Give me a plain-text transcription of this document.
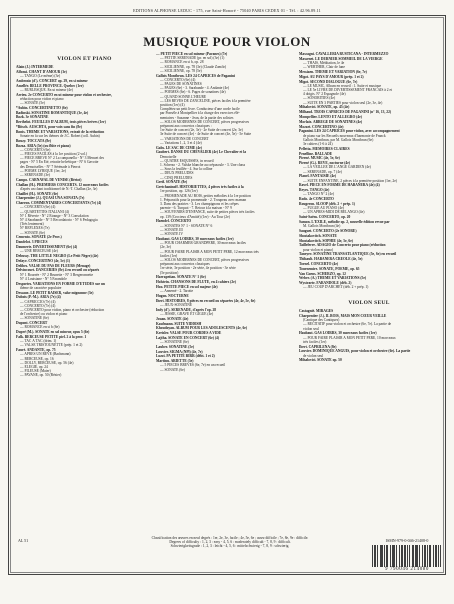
EDITIONS ALPHONSE LEDUC - 175, rue Saint-Honoré - 75040 PARIS CEDEX 01 - Tél. : 42.96.89.11
MUSIQUE POUR VIOLON
VIOLON ET PIANO
Alain (J.) INTERMEDE
Alfonsi. CHANT D'AMOUR (3e)
— TANGO (Le même) (3e)
Ambrosio (d'). CONCERT op. 29, en si mineur
Amellér. BELLE PROVINCE. Quebec (1er)
— BURLESQUE. En ut mineur (4e)
Arrieu. 2e CONCERTO en ut mineur pour violon et orchestre,
réduction pour violon et piano
— SONATE (5e)
*Aubin. CONCERTINETTO (6e)
Badinski. SONATINE ROMANTIQUE (3e, 4e)
Bozk. 3e SONATINE
Berthelot. FEUILLES D'ALBUM, trois pièces brèves (1er)
*Bitsch. AUSCHTA, pour voix sans fin (8e)
Bonis. THEME ET VARIATIONS, extrait de la réduction
Sonate en fa sur les thèmes de J.C. Robert (coll. Aubin)
Bouzy. TOCCATA (8e)
Bozza. ARIA (5e) (ou flûte et piano)
— CONCERTO (6e)
— PIECES FACILES à la 1re position (2 vol.)
— PIECE BREVE N° 2 La campanella - N° 3 Menuet des
pages - N° 5 En Eté, retraite helvétique - N° 6 Gavotte
des Demoiselles - N° 7 Sérénade à Pierrot
— POEME LYRIQUE (1er, 2e)
— SERENADE (3e)
Campo. CARNAVAL DE VENISE (Bériot)
Challan (H.). PREMIERS CONCERTS. 12 morceaux faciles
d'après un chant traditionnel de N.-T. Challan (2e, 3e)
Chaillet (H.). SONATE (6e)
Charpentier (J.). QUASI UNA SONATA (7e)
Charron. COMMENTAIRES CONCERTANTS (7e) (4)
— CONCERTO (6e) (4)
— QUARTETTES ITALIANI (4)
N° 1 Rêverie - N° 2 Étrange - N° 3 Consolation
N° 4 Sarabande - N° 5 Recordatorio - N° 6 Pedagogia
(Très lentement)
N° REFLEXES (7e)
— SONATE (6e)
Cemento. SONATE (2e Prov.)
Dandelot. 3 PIECES
Daumerie. DIVERTISSEMENT (6e) (4)
— UNE BERCEUSE (4e)
Debussy. THE LITTLE NEGRO (Le Petit Nègre) (4e)
Defaye. CONCERTINO (4e, 5e) (1)
Delibes. VALSE DU PAS DE FLEURS (Menage)
Delvincourt. DANCERIES (8e) 4 en recueil ou séparés
N° 1 Bourrée - N° 2 Brunette - N° 3 Bergeronnette
N° 4 Louisiane - N° 5 Farandole
Desportes. VARIATIONS EN FORME D'ETUDES sur un
thème de caractère populaire
Dessaux. LE PETIT RAISER, valse mignonne (3e)
Dubois (P.-M.). ARIA (7e) (4)
— CAPRICCIO (7e) (4)
— CONCERTO (7e) (4)
— CONCERTO pour violon, piano et orchestre (réduction
de l'orchestre) ou violon et piano
— SONATINE (6e)
Dupont. CONCERT
— ROMANCE en si b (6e)
Dupré (M.). SONATE en sol mineur, opus 5 (6e)
Falk. BERCEUSE PETITE piel. 2 à la prov. 1
— TAC À TAC (drim. 1)
— VALSE TRISTOUNETTE (prép. 1 et 2)
Fauré. ANDANTE, op. 75
— APRES UN RÊVE (Bachmann)
— BERCEUSE, op. 16
— DOLLY, BERCEUSE, op. 56 (4e)
— ELEGIE, op. 24
— FILEUSE (Maier)
— PAVANE, op. 50 (Bézier)
— PETIT PIECE en sol mineur (Pavanes) (7e)
— PETITE SERENADE (pr. en sol) (3e) (1)
— ROMANCE en si b, op. 28
— SICILIENNE, op. 78 (3e) (Claude Zamfir)
— SICILIENNE, op. 78 (5e)
Gallois Montbrun. LES 24 CAPRICES de Paganini
— CONCERTO (6e) (4)
— PAGES DE SONATINES
— PAGES (6e) - 3. Sarabande - 4. Andante (4e)
— POÈMES (6e) - 6. Pages de sonatines (4e)
— QUAND SONNE L'HEURE
— LES RÉVES DE ZANCELINE, pièces faciles à la première
position (1er) (4)
Complétez un petit livre. Conducteur d'une corde facile
par Ponsèle à Montpellier à la charge des exercices élé-
mentaires - Suzanne - Jean, de la partie des solistes
— SOLOS MODERNES DE CONCERT, pièces progressives
préparant aux concertos classiques :
1re Suite de concert (2e, 3e) - 2e Suite de concert (2e, 3e)
3e Suite de concert (4e) - 4e Suite de concert (4e, 5e) - 5e Suite
— VARIATIONS DE CONCERT
— Variations 1, 2, 3 et 4 (4e)
Gabs. LE SAC DE CIME (4e)
Gaubert. DANSE DU CHEVALIER (4e) Le Chevalier et la
Demoiselle
— QUATRE ESQUISSES, in recueil
1. Scherzo - 2. Valske blanche au crépuscule - 3. Une chass
— Sous la feuillée - 4. Sur la colline
— DEUX PRELUDES
— CINQ PRÉLUDES
Greif. SONATE (8e)
Gretchaninoff. HISTORIETTES, 4 pièces très faciles à la
1re position, op. 126 (1er)
— PROMENADE AU BOIS, petites mélodies à la 1re position
1. Préparatifs pour la promenade - 2. Troupeau avec maman
3. Dans des prairies - 3. Les champignons et les crêpes
parente - 6. Turquoi - 7. Retour à la maison - N° 9
— SOUVENIRS D'ENFANCE, suite de petites pièces très faciles
op. 139 (Crocieux d'Amitié) (1er) - Au Tour (2e)
Haendel. CONCERTO
— SONATES N° 1 - SONATE N° 6
— SONATE III
— SONATE IV
Haubaut. GAS LOIRRS, 30 morceaux faciles (1er)
— POUR CHARMER GRANDPERE, 30 morceaux faciles
(2e, 3e)
— POUR FAIRE PLAISIR A MON PETIT PÈRE, 12 morceaux très
faciles (1er)
— SOLOS MODERNES DE CONCERT, pièces progressives
préparant aux concertos classiques
1re série, 3e position - 2e série, 4e position - 3e série
(5e position)
Harrapetian. SONATE N° 1 (6e)
Holstein. CHANSONS DE FLÛTE, en 4 cahiers (2e)
Hoo. PETITE PIECE en sol majeur (4e)
— Annemé - 2. Tarotte
Hugon. NOCTURNE
Iheri. HISTOIRES, 8 pièces en recueil ou séparées (4e, 4e, 5e, 6e)
— JEUX-SONATINE
Indy (d'). SERENADE, d'après l'op. 28
— JESSIE, GRAVE ET GIGUE (4e)
Jouan. SONATE (4e)
Kaufmann. SUITE YIDDISH
Khoudoyan. ALBUM POUR LES ADOLESCENTS (4e, 6e)
Kreisler. VALSE POUR CORDES A VIDE
Lajtha. SONATE EN CONCERT (6e) (4)
— SONATINE (6e)
Lauber. SONATINE (5e)
Louvier. SIGMA (NPl) (4e, 7e)
Luzzi. PA PETITE BIRR (dèbt. 1 et 2)
Martinu. ARIETTE (5e)
— 5 PIECES BREVES (6e, 7e) en un recueil
— SONATE (6e)
Mascagni. CAVALLERIA RUSTICANA - INTERMEZZO
Massenet. LE DERNIER SOMMEIL DE LA VIERGE
— THAIS, Méditation, le 4e
— WERTHER, Clair de lune
Messiaen. THEME ET VARIATION (6e, 7e)
Migot. AU PAYS D'AMOUR (prép. 1 et 2)
Migot. SECOND DIALOGUE (6e, 7e)
— LE MUSIC, Album en recueil : 1. Suite et musique
— LE 5e LIVRE DE DIVERTISSEMENT FRANCAIS à 2 et
4 doigts. N° 2 Espagnole (4e)
— SONORITIES (4e)
— SUITE EN 3 PARTIES pour violon seul (2e, 3e, 4e)
Mihalovici. SONATE, op. 45 (4e)
Milhaud. TROIS CAPRICES DE PAGANINI (n° 16, 13, 22)
Mompellier. LENTO ET ALLEGRO (4e)
Morlaix. ABRÉGÉ DE SONATINES (4e)
Mozart. CONCERTINO (4e)
Paganini. LES 24 CAPRICES pour violon, avec accompagnement
de piano sur les Recueils nouveaux d'harmonie de Franck
Gallois Montbrun, par M. Gallois Montbrun (6e)
3e cahiers (1-6 à 24)
Pelletta. MÉMOIRES CLAIRES
Penelline. BALLADE
Pierné. MUSIC (4e, 5e, 6e)
Pierné (G.). RÈVE, nocturne (4e)
— LA VEILLEE DE L'ANGE GARDIEN (4e)
— SERENADE, op. 7 (4e)
Planel. FANTAISIE (4e)
— SUITE ENFANTINE, 2 pièces à la première position (1er, 2e)
Ravel. PIÈCE EN FORME DE HABANERA (4e) (4)
Reyes. TANGO (4e)
— TANGO N° 2 (4e)
Rodo. 4e CONCERTO
Rougeron. SLOOP (déb. 2 + prép. 1)
— FUGUE AU PIANO (4e)
— UN APRÈS-MIDI DE BELANGO (4e)
Saint-Saëns. CONCERTO, op. 20
Samon. L'EXILE, mélodie op. 2, nouvelle édition revue par
M. Gallois Montbrun (4e)
Sauguet. CONCERTO (2e SONORE)
Shostakovitch. SONATE
Shostakovitch. SOPHIE (4e, 5e, 6e)
Tailleferre. ADAGIO de Concerto pour piano (réduction
pour violon et piano)
Taneyev. SONATINE TRANSATLANTIQUE (5e, 6e) en recueil
Thibault. HABANERA CRÉOLE (4e, 5e)
Tornel. CONCERTO (4e)
Tournemire. SONATE, POÈME, op. 65
Van Goens. SCHERZO, op. 12
Weber. (A.) THEME ET VARIATIONS (5e)
Wystraete. FARANDOLE (déb. 2)
— JEU COUP D'ARCHET (déb. 2 + prép. 1)
VIOLON SEUL
Castagnié. MIRAGES
Charpentier (J.). IL BOIS, MAIS MON CŒUR VEILLE
(Cantique des Cantiques)
— RÉCITATIF pour violon et orchestre (6e, 7e). La partie de
violon seul
Haubaut. GAS LOIRRS, 30 morceaux faciles (1er)
— POUR FAIRE PLAISIR A MON PETIT PÈRE, 10 morceaux
très faciles (1er)
Ibert. CAPRILENA (8e)
Louvier. DOMINIQUE ANGUIS, pour violon et orchestre (6e). La partie
de violon seul
Mihalovici. SONATE op. 50
AL 51	Classification des œuvres en neuf degrés : 1er, 2e, 3e, facile ; 4e, 5e, 6e ; assez difficile ; 7e, 8e, 9e : difficile.
Degrees of difficulty : 1, 2, 3 : easy - 4, 5, 6 : moderately difficult - 7, 8, 9 : difficult.
Schwierigkeitsgrade : 1, 2, 3 : leicht - 4, 5, 6 : mittelschwierig - 7, 8, 9 : schwierig.
ISMN-979-0-046-21408-0
9 790046 214080
